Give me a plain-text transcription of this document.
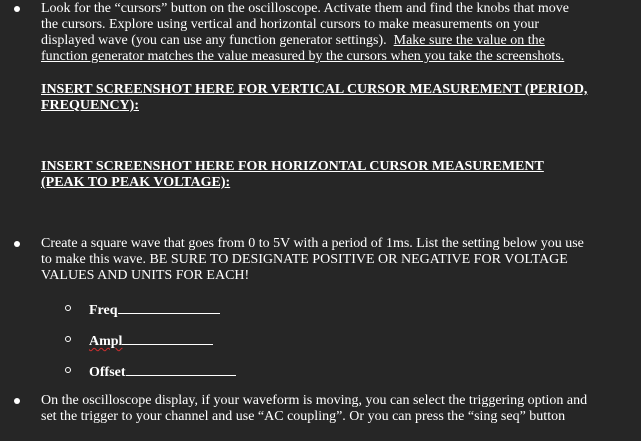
Look for the “cursors” button on the oscilloscope. Activate them and find the knobs that move
the cursors. Explore using vertical and horizontal cursors to make measurements on your
displayed wave (you can use any function generator settings).  Make sure the value on the
function generator matches the value measured by the cursors when you take the screenshots.
INSERT SCREENSHOT HERE FOR VERTICAL CURSOR MEASUREMENT (PERIOD,
FREQUENCY):
INSERT SCREENSHOT HERE FOR HORIZONTAL CURSOR MEASUREMENT
(PEAK TO PEAK VOLTAGE):
Create a square wave that goes from 0 to 5V with a period of 1ms. List the setting below you use
to make this wave. BE SURE TO DESIGNATE POSITIVE OR NEGATIVE FOR VOLTAGE
VALUES AND UNITS FOR EACH!
Freq
Ampl
Offset
On the oscilloscope display, if your waveform is moving, you can select the triggering option and
set the trigger to your channel and use “AC coupling”. Or you can press the “sing seq” button
